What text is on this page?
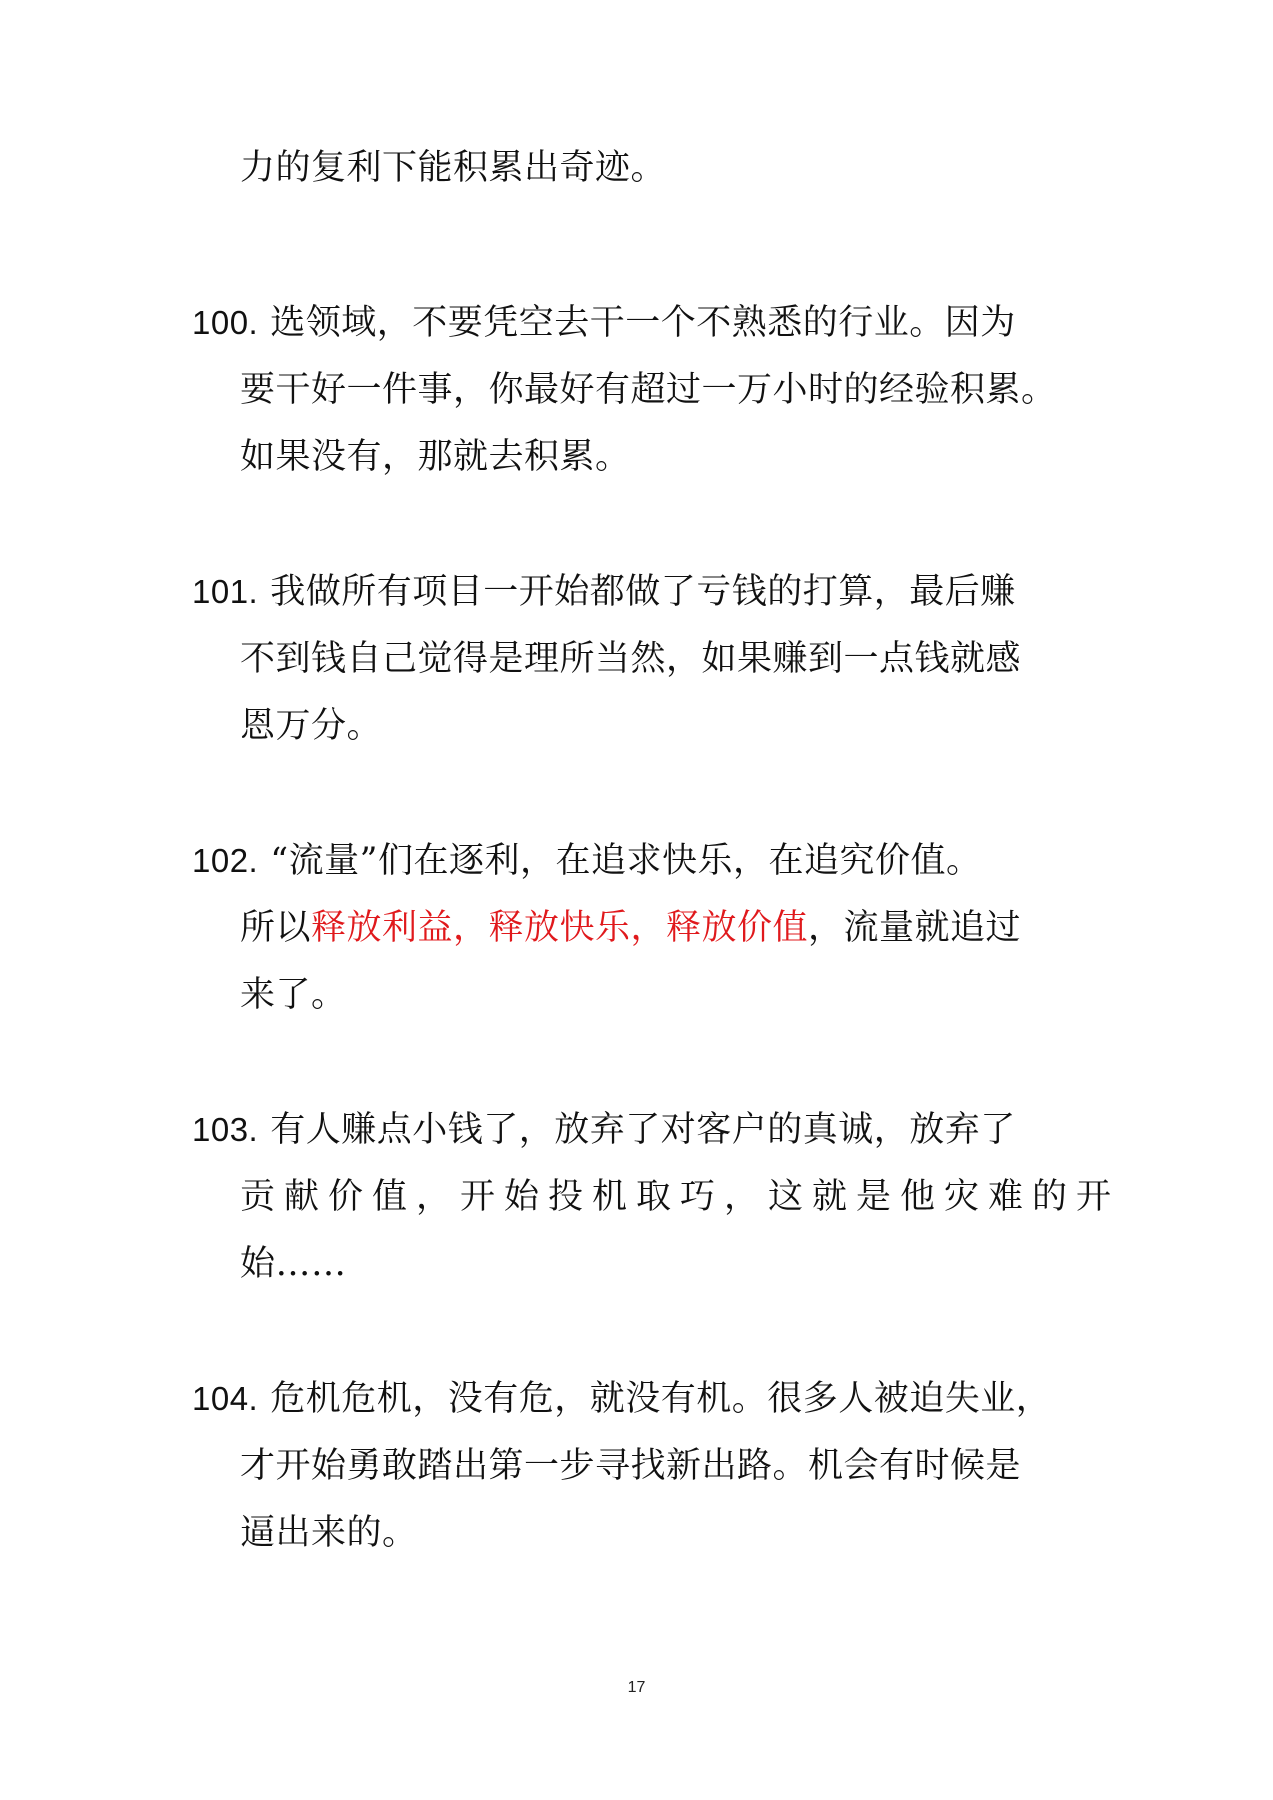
力的复利下能积累出奇迹。
100. 选领域，不要凭空去干一个不熟悉的行业。因为
要干好一件事，你最好有超过一万小时的经验积累。
如果没有，那就去积累。
101. 我做所有项目一开始都做了亏钱的打算，最后赚
不到钱自己觉得是理所当然，如果赚到一点钱就感
恩万分。
102. “流量”们在逐利，在追求快乐，在追究价值。
所以释放利益，释放快乐，释放价值，流量就追过
来了。
103. 有人赚点小钱了，放弃了对客户的真诚，放弃了
贡献价值，开始投机取巧，这就是他灾难的开
始……
104. 危机危机，没有危，就没有机。很多人被迫失业，
才开始勇敢踏出第一步寻找新出路。机会有时候是
逼出来的。
17
